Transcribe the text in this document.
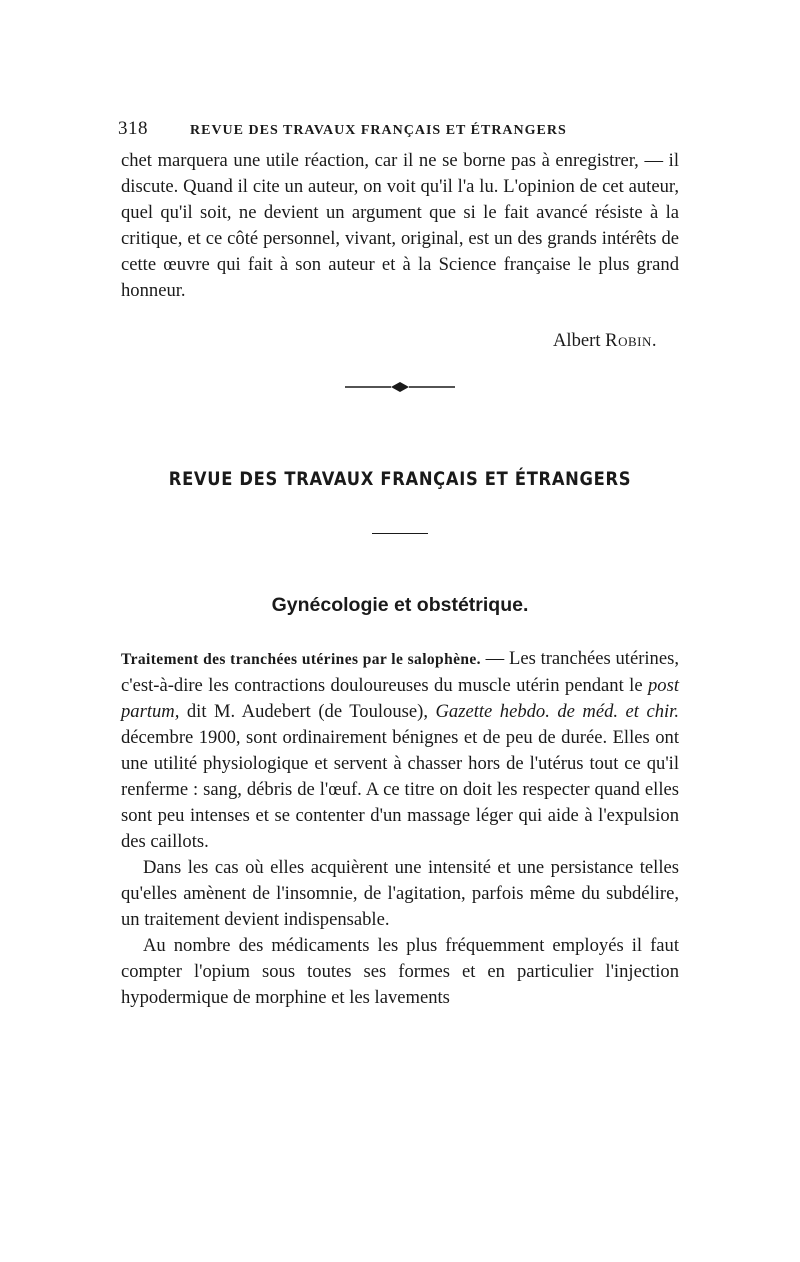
318	REVUE DES TRAVAUX FRANÇAIS ET ÉTRANGERS

chet marquera une utile réaction, car il ne se borne pas à enregistrer, — il discute. Quand il cite un auteur, on voit qu'il l'a lu. L'opinion de cet auteur, quel qu'il soit, ne devient un argument que si le fait avancé résiste à la critique, et ce côté personnel, vivant, original, est un des grands intérêts de cette œuvre qui fait à son auteur et à la Science française le plus grand honneur.

Albert Robin.
REVUE DES TRAVAUX FRANÇAIS ET ÉTRANGERS
Gynécologie et obstétrique.

Traitement des tranchées utérines par le salophène. — Les tranchées utérines, c'est-à-dire les contractions douloureuses du muscle utérin pendant le post partum, dit M. Audebert (de Toulouse), Gazette hebdo. de méd. et chir. décembre 1900, sont ordinairement bénignes et de peu de durée. Elles ont une utilité physiologique et servent à chasser hors de l'utérus tout ce qu'il renferme : sang, débris de l'œuf. A ce titre on doit les respecter quand elles sont peu intenses et se contenter d'un massage léger qui aide à l'expulsion des caillots.

Dans les cas où elles acquièrent une intensité et une persistance telles qu'elles amènent de l'insomnie, de l'agitation, parfois même du subdélire, un traitement devient indispensable.

Au nombre des médicaments les plus fréquemment employés il faut compter l'opium sous toutes ses formes et en particulier l'injection hypodermique de morphine et les lavements
